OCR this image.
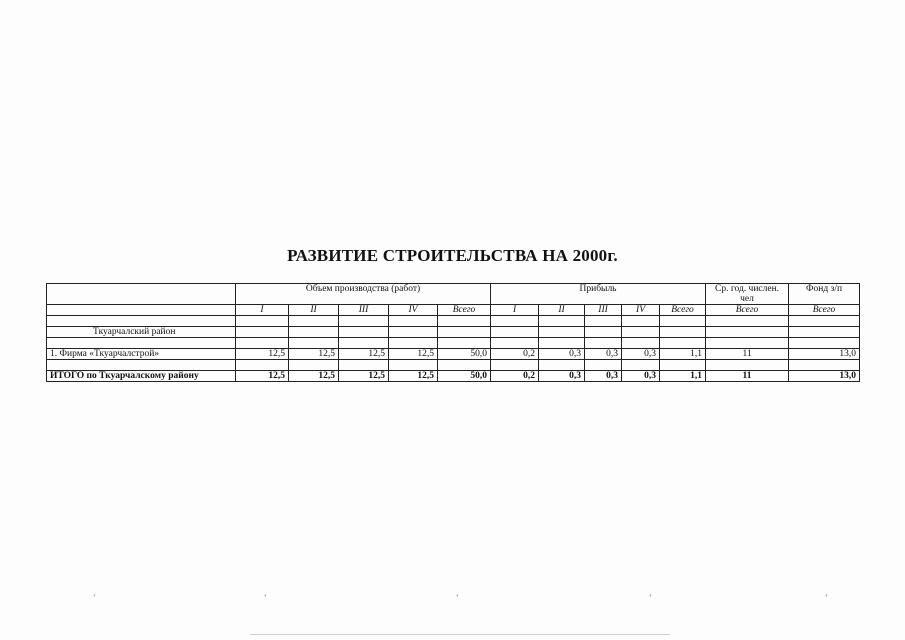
РАЗВИТИЕ СТРОИТЕЛЬСТВА НА 2000г.
	Объем производства (работ)					Прибыль					Ср. год. числен. чел	Фонд з/п
	I	II	III	IV	Всего	I	II	III	IV	Всего	Всего	Всего

Ткуарчалский район												

1. Фирма «Ткуарчалстрой»	12,5	12,5	12,5	12,5	50,0	0,2	0,3	0,3	0,3	1,1	11	13,0

ИТОГО по Ткуарчалскому району	12,5	12,5	12,5	12,5	50,0	0,2	0,3	0,3	0,3	1,1	11	13,0
‘	‘	‘	‘	‘
